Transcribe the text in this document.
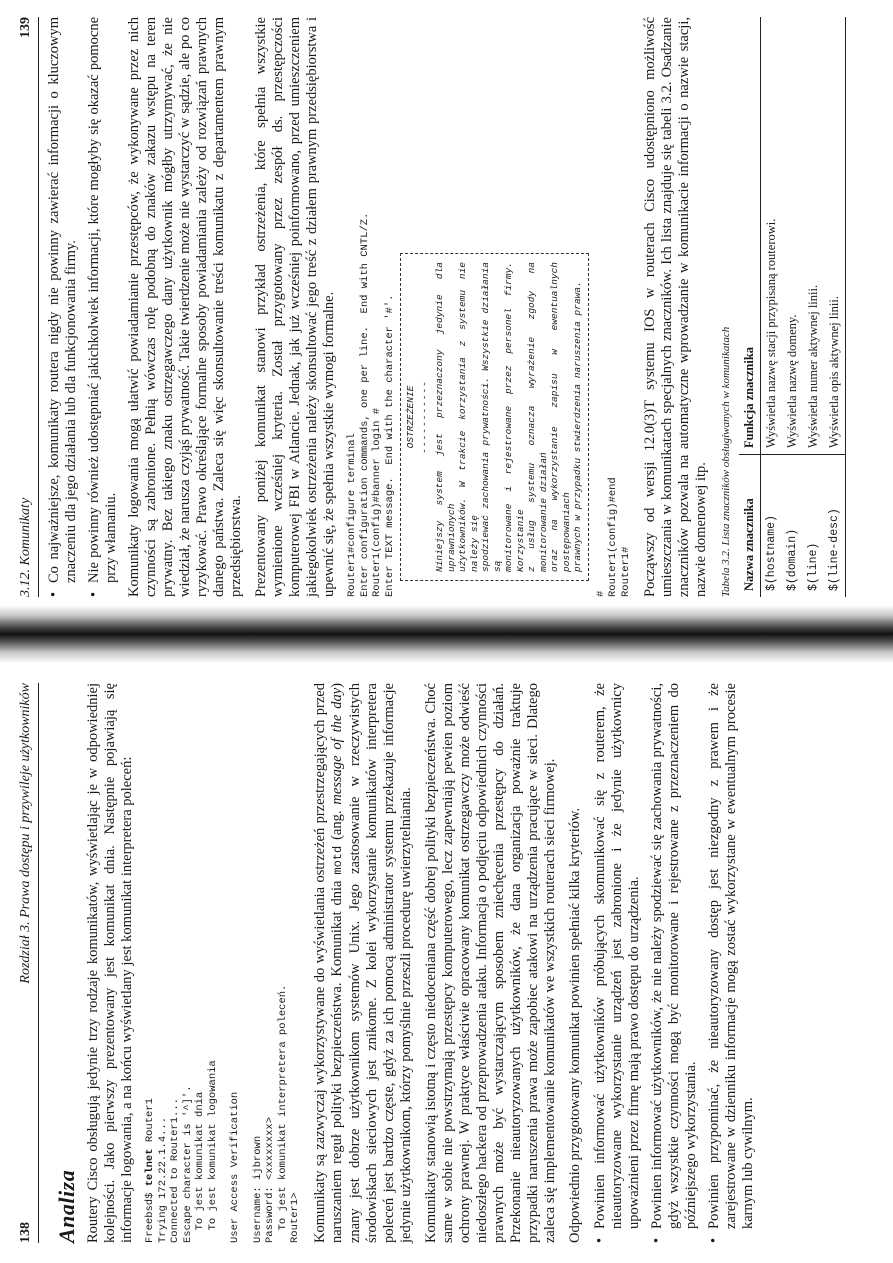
138
Rozdział 3. Prawa dostępu i przywileje użytkowników
Analiza Routery Cisco obsługują jedynie trzy rodzaje komunikatów, wyświetlając je w odpowiedniej kolejności. Jako pierwszy prezentowany jest komunikat dnia. Następnie pojawiają się informacje logowania, a na końcu wyświetlany jest komunikat interpretera poleceń: Freebsd$ telnet Router1
Trying 172.22.1.4...
Connected to Router1...
Escape character is '^]'.
To jest komunikat dnia
To jest komunikat logowania User Access Verification Username: ijbrown
Password: <xxxxxxxx>
To jest komunikat interpretera poleceń.
Router1> Komunikaty są zazwyczaj wykorzystywane do wyświetlania ostrzeżeń przestrzegających przed naruszaniem reguł polityki bezpieczeństwa. Komunikat dnia motd (ang. message of the day) znany jest dobrze użytkownikom systemów Unix. Jego zastosowanie w rzeczywistych środowiskach sieciowych jest znikome. Z kolei wykorzystanie komunikatów interpretera poleceń jest bardzo częste, gdyż za ich pomocą administrator systemu przekazuje informacje jedynie użytkownikom, którzy pomyślnie przeszli procedurę uwierzytelniania. Komunikaty stanowią istotną i często niedoceniana część dobrej polityki bezpieczeństwa. Choć same w sobie nie powstrzymają przestępcy komputerowego, lecz zapewniają pewien poziom ochrony prawnej. W praktyce właściwie opracowany komunikat ostrzegawczy może odwieść niedoszłego hackera od przeprowadzenia ataku. Informacja o podjęciu odpowiednich czynności prawnych może być wystarczającym sposobem zniechęcenia przestępcy do działań. Przekonanie nieautoryzowanych użytkowników, że dana organizacja poważnie traktuje przypadki naruszenia prawa może zapobiec atakowi na urządzenia pracujące w sieci. Dlatego zaleca się implementowanie komunikatów we wszystkich routerach sieci firmowej. Odpowiednio przygotowany komunikat powinien spełniać kilka kryteriów. • Powinien informować użytkowników próbujących skomunikować się z routerem, że nieautoryzowane wykorzystanie urządzeń jest zabronione i że jedynie użytkownicy upoważnieni przez firmę mają prawo dostępu do urządzenia. • Powinien informować użytkowników, że nie należy spodziewać się zachowania prywatności, gdyż wszystkie czynności mogą być monitorowane i rejestrowane z przeznaczeniem do późniejszego wykorzystania. • Powinien przypominać, że nieautoryzowany dostęp jest niezgodny z prawem i że zarejestrowane w dzienniku informacje mogą zostać wykorzystane w ewentualnym procesie karnym lub cywilnym.
3.12. Komunikaty
139 • Co najważniejsze, komunikaty routera nigdy nie powinny zawierać informacji o kluczowym znaczeniu dla jego działania lub dla funkcjonowania firmy. • Nie powinny również udostępniać jakichkolwiek informacji, które mogłyby się okazać pomocne przy włamaniu. Komunikaty logowania mogą ułatwić powiadamianie przestępców, że wykonywane przez nich czynności są zabronione. Pełnią wówczas rolę podobną do znaków zakazu wstępu na teren prywatny. Bez takiego znaku ostrzegawczego dany użytkownik mógłby utrzymywać, że nie wiedział, że narusza czyjąś prywatność. Takie twierdzenie może nie wystarczyć w sądzie, ale po co ryzykować. Prawo określające formalne sposoby powiadamiania zależy od rozwiązań prawnych danego państwa. Zaleca się więc skonsultowanie treści komunikatu z departamentem prawnym przedsiębiorstwa. Prezentowany poniżej komunikat stanowi przykład ostrzeżenia, które spełnia wszystkie wymienione wcześniej kryteria. Został przygotowany przez zespół ds. przestępczości komputerowej FBI w Atlancie. Jednak, jak już wcześniej poinformowano, przed umieszczeniem jakiegokolwiek ostrzeżenia należy skonsultować jego treść z działem prawnym przedsiębiorstwa i upewnić się, że spełnia wszystkie wymogi formalne. Router1#configure terminal
Enter configuration commands, one per line.  End with CNTL/Z.
Router1(config)#banner login #
Enter TEXT message.  End with the character '#'. OSTRZEŻENIE ----------- Niniejszy system jest przeznaczony jedynie dla uprawnionych użytkowników. W trakcie korzystania z systemu nie należy się spodziewać zachowania prywatności. Wszystkie działania są monitorowane i rejestrowane przez personel firmy. Korzystanie z usług systemu oznacza wyrażenie zgody na monitorowanie działań oraz na wykorzystanie zapisu w ewentualnych postępowaniach prawnych w przypadku stwierdzenia naruszenia prawa.
#
Router1(config)#end
Router1# Począwszy od wersji 12.0(3)T systemu IOS w routerach Cisco udostępniono możliwość umieszczania w komunikatach specjalnych znaczników. Ich lista znajduje się tabeli 3.2. Osadzanie znaczników pozwala na automatyczne wprowadzanie w komunikacie informacji o nazwie stacji, nazwie domenowej itp. Tabela 3.2. Lista znaczników obsługiwanych w komunikatach Nazwa znacznika	Funkcja znacznika
$(hostname)	Wyświetla nazwę stacji przypisaną routerowi.
$(domain)	Wyświetla nazwę domeny.
$(line)	Wyświetla numer aktywnej linii.
$(line-desc)	Wyświetla opis aktywnej linii.
